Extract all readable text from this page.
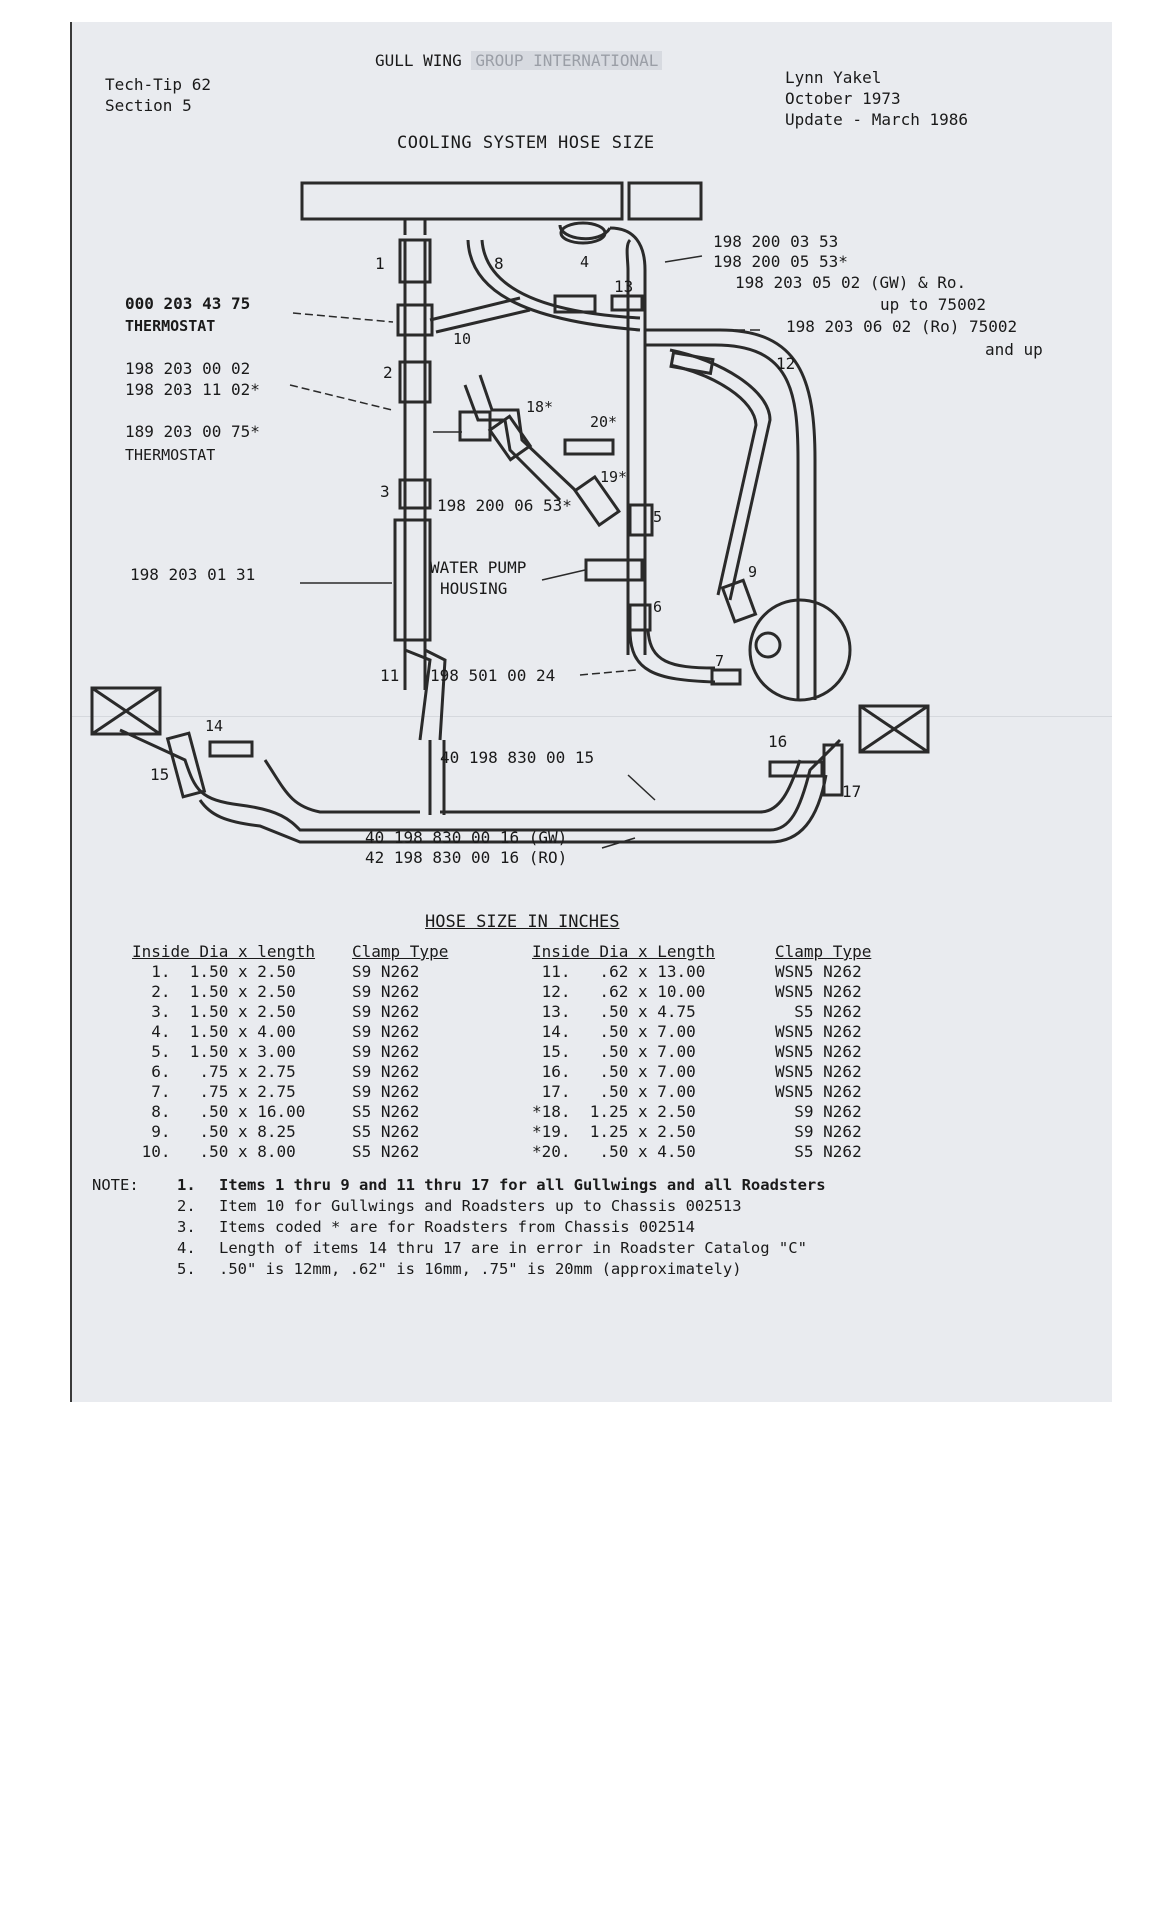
Tech-Tip 62
Section 5
GULL WING GROUP INTERNATIONAL
Lynn Yakel
October 1973
Update - March 1986
COOLING SYSTEM HOSE SIZE
198 200 03 53
198 200 05 53*
198 203 05 02 (GW) & Ro.
up to 75002
198 203 06 02 (Ro) 75002
and up
000 203 43 75
THERMOSTAT
198 203 00 02
198 203 11 02*
189 203 00 75*
THERMOSTAT
198 200 06 53*
WATER PUMP
HOUSING
198 203 01 31
198 501 00 24
40 198 830 00 15
40 198 830 00 16 (GW)
42 198 830 00 16 (RO)
1
2
3
4
5
6
7
8
9
10
11
12
13
14
15
16
17
18*
19*
20*
HOSE SIZE IN INCHES
Inside Dia x length
1.  1.50 x 2.50
2.  1.50 x 2.50
3.  1.50 x 2.50
4.  1.50 x 4.00
5.  1.50 x 3.00
6.   .75 x 2.75
7.   .75 x 2.75
8.   .50 x 16.00
9.   .50 x 8.25
10.   .50 x 8.00
Clamp Type
S9 N262
S9 N262
S9 N262
S9 N262
S9 N262
S9 N262
S9 N262
S5 N262
S5 N262
S5 N262
Inside Dia x Length
11.   .62 x 13.00
12.   .62 x 10.00
13.   .50 x 4.75
14.   .50 x 7.00
15.   .50 x 7.00
16.   .50 x 7.00
17.   .50 x 7.00
*18.  1.25 x 2.50
*19.  1.25 x 2.50
*20.   .50 x 4.50
Clamp Type
WSN5 N262
WSN5 N262
S5 N262
WSN5 N262
WSN5 N262
WSN5 N262
WSN5 N262
S9 N262
S9 N262
S5 N262
NOTE: 1. Items 1 thru 9 and 11 thru 17 for all Gullwings and all Roadsters
2. Item 10 for Gullwings and Roadsters up to Chassis 002513
3. Items coded * are for Roadsters from Chassis 002514
4. Length of items 14 thru 17 are in error in Roadster Catalog "C"
5. .50" is 12mm, .62" is 16mm, .75" is 20mm (approximately)
